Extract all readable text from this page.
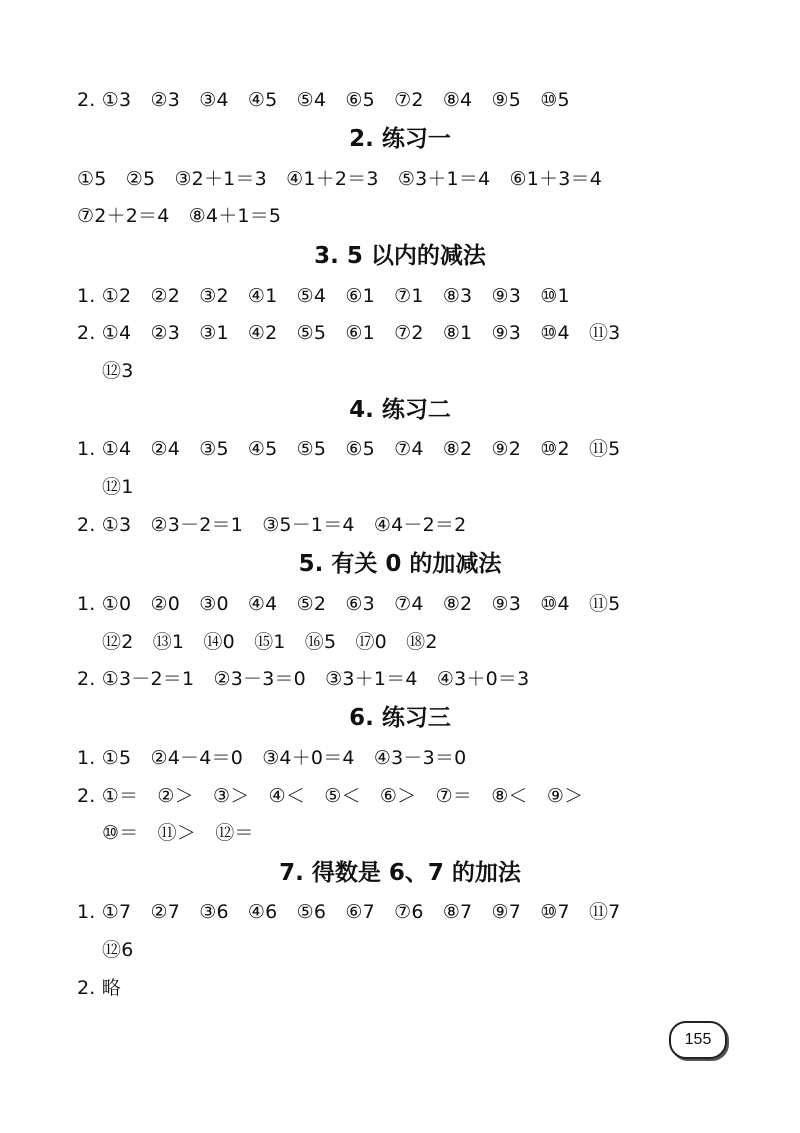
2. ①3　②3　③4　④5　⑤4　⑥5　⑦2　⑧4　⑨5　⑩5
2. 练习一
①5　②5　③2＋1＝3　④1＋2＝3　⑤3＋1＝4　⑥1＋3＝4
⑦2＋2＝4　⑧4＋1＝5
3. 5 以内的减法
1. ①2　②2　③2　④1　⑤4　⑥1　⑦1　⑧3　⑨3　⑩1
2. ①4　②3　③1　④2　⑤5　⑥1　⑦2　⑧1　⑨3　⑩4　⑪3
⑫3
4. 练习二
1. ①4　②4　③5　④5　⑤5　⑥5　⑦4　⑧2　⑨2　⑩2　⑪5
⑫1
2. ①3　②3－2＝1　③5－1＝4　④4－2＝2
5. 有关 0 的加减法
1. ①0　②0　③0　④4　⑤2　⑥3　⑦4　⑧2　⑨3　⑩4　⑪5
⑫2　⑬1　⑭0　⑮1　⑯5　⑰0　⑱2
2. ①3－2＝1　②3－3＝0　③3＋1＝4　④3＋0＝3
6. 练习三
1. ①5　②4－4＝0　③4＋0＝4　④3－3＝0
2. ①＝　②＞　③＞　④＜　⑤＜　⑥＞　⑦＝　⑧＜　⑨＞
⑩＝　⑪＞　⑫＝
7. 得数是 6、7 的加法
1. ①7　②7　③6　④6　⑤6　⑥7　⑦6　⑧7　⑨7　⑩7　⑪7
⑫6
2. 略
155
